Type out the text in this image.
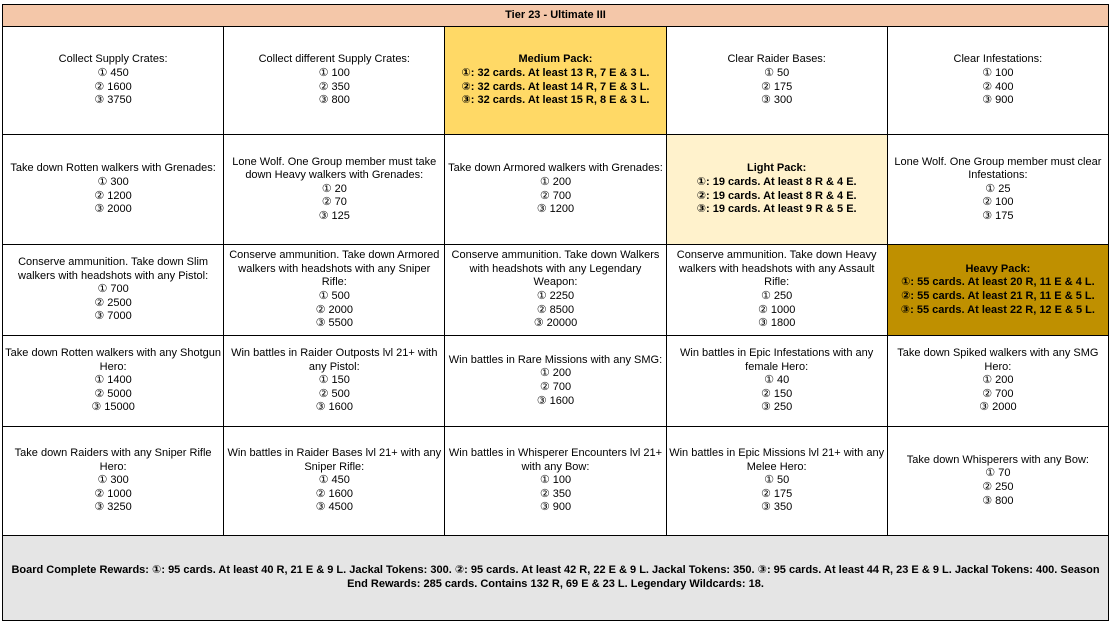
Tier 23 - Ultimate III				

Collect Supply Crates:
① 450
② 1600
③ 3750	Collect different Supply Crates:
① 100
② 350
③ 800	Medium Pack:
①: 32 cards. At least 13 R, 7 E & 3 L.
②: 32 cards. At least 14 R, 7 E & 3 L.
③: 32 cards. At least 15 R, 8 E & 3 L.	Clear Raider Bases:
① 50
② 175
③ 300	Clear Infestations:
① 100
② 400
③ 900

Take down Rotten walkers with Grenades:
① 300
② 1200
③ 2000	Lone Wolf. One Group member must take down Heavy walkers with Grenades:
① 20
② 70
③ 125	Take down Armored walkers with Grenades:
① 200
② 700
③ 1200	Light Pack:
①: 19 cards. At least 8 R & 4 E.
②: 19 cards. At least 8 R & 4 E.
③: 19 cards. At least 9 R & 5 E.	Lone Wolf. One Group member must clear Infestations:
① 25
② 100
③ 175

Conserve ammunition. Take down Slim walkers with headshots with any Pistol:
① 700
② 2500
③ 7000	Conserve ammunition. Take down Armored walkers with headshots with any Sniper Rifle:
① 500
② 2000
③ 5500	Conserve ammunition. Take down Walkers with headshots with any Legendary Weapon:
① 2250
② 8500
③ 20000	Conserve ammunition. Take down Heavy walkers with headshots with any Assault Rifle:
① 250
② 1000
③ 1800	Heavy Pack:
①: 55 cards. At least 20 R, 11 E & 4 L.
②: 55 cards. At least 21 R, 11 E & 5 L.
③: 55 cards. At least 22 R, 12 E & 5 L.

Take down Rotten walkers with any Shotgun Hero:
① 1400
② 5000
③ 15000	Win battles in Raider Outposts lvl 21+ with any Pistol:
① 150
② 500
③ 1600	Win battles in Rare Missions with any SMG:
① 200
② 700
③ 1600	Win battles in Epic Infestations with any female Hero:
① 40
② 150
③ 250	Take down Spiked walkers with any SMG Hero:
① 200
② 700
③ 2000

Take down Raiders with any Sniper Rifle Hero:
① 300
② 1000
③ 3250	Win battles in Raider Bases lvl 21+ with any Sniper Rifle:
① 450
② 1600
③ 4500	Win battles in Whisperer Encounters lvl 21+ with any Bow:
① 100
② 350
③ 900	Win battles in Epic Missions lvl 21+ with any Melee Hero:
① 50
② 175
③ 350	Take down Whisperers with any Bow:
① 70
② 250
③ 800

Board Complete Rewards: ①: 95 cards. At least 40 R, 21 E & 9 L. Jackal Tokens: 300. ②: 95 cards. At least 42 R, 22 E & 9 L. Jackal Tokens: 350. ③: 95 cards. At least 44 R, 23 E & 9 L. Jackal Tokens: 400. Season End Rewards: 285 cards. Contains 132 R, 69 E & 23 L. Legendary Wildcards: 18.				
